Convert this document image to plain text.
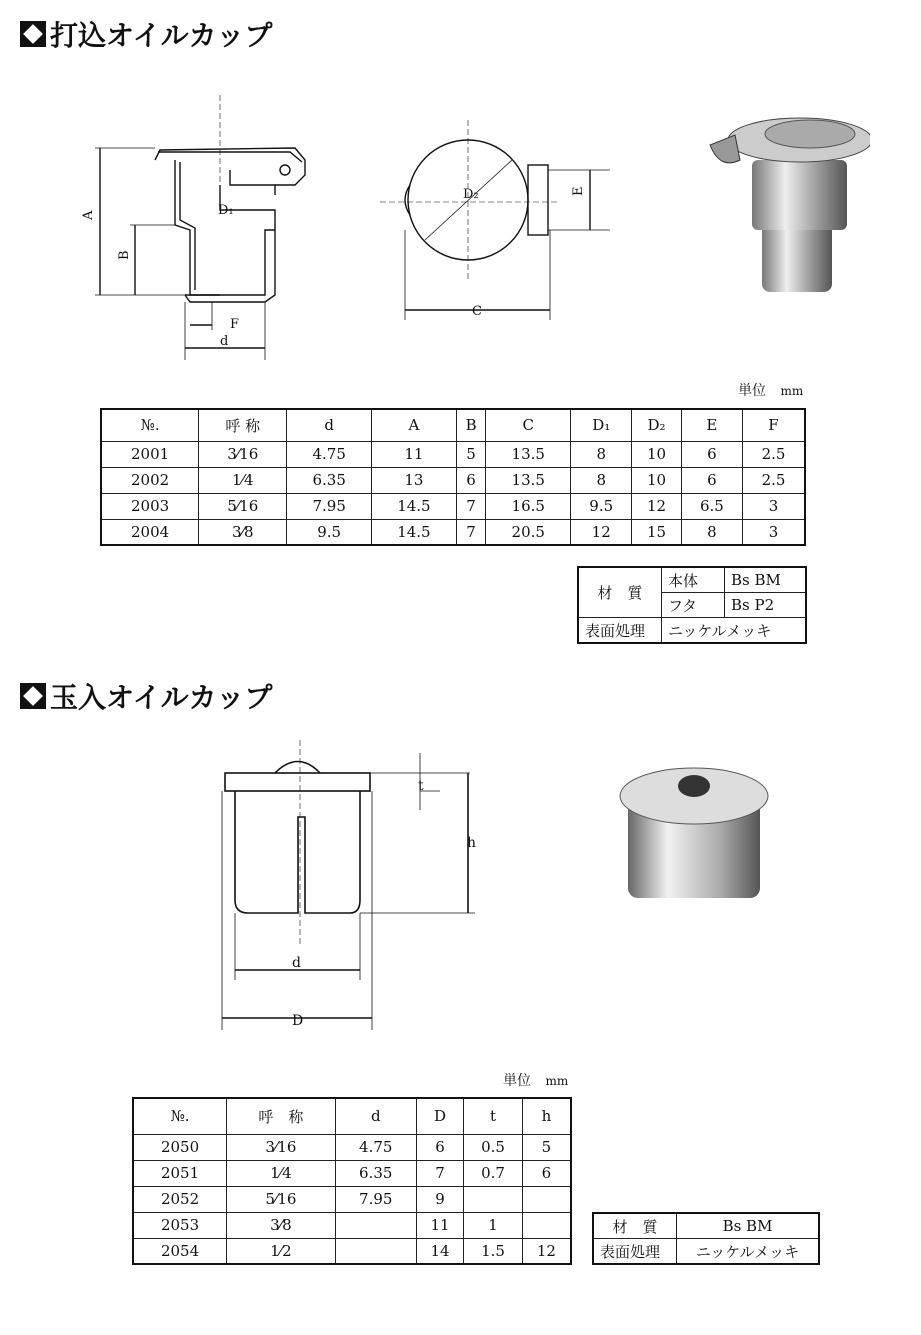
打込オイルカップ
A
B
D₁
F
d
D₂	E
C
単位 mm
№.	呼 称	d	A	B	C	D₁	D₂	E	F
2001	3⁄16	4.75	11	5	13.5	8	10	6	2.5
2002	1⁄4	6.35	13	6	13.5	8	10	6	2.5
2003	5⁄16	7.95	14.5	7	16.5	9.5	12	6.5	3
2004	3⁄8	9.5	14.5	7	20.5	12	15	8	3
材　質	本体	Bs BM
	フタ	Bs P2
表面処理	ニッケルメッキ	
玉入オイルカップ
t
h
d
D
単位 mm
№.	呼　称	d	D	t	h
2050	3⁄16	4.75	6	0.5	5
2051	1⁄4	6.35	7	0.7	6
2052	5⁄16	7.95	9		
2053	3⁄8		11	1	
2054	1⁄2		14	1.5	12
材　質	Bs BM
表面処理	ニッケルメッキ
